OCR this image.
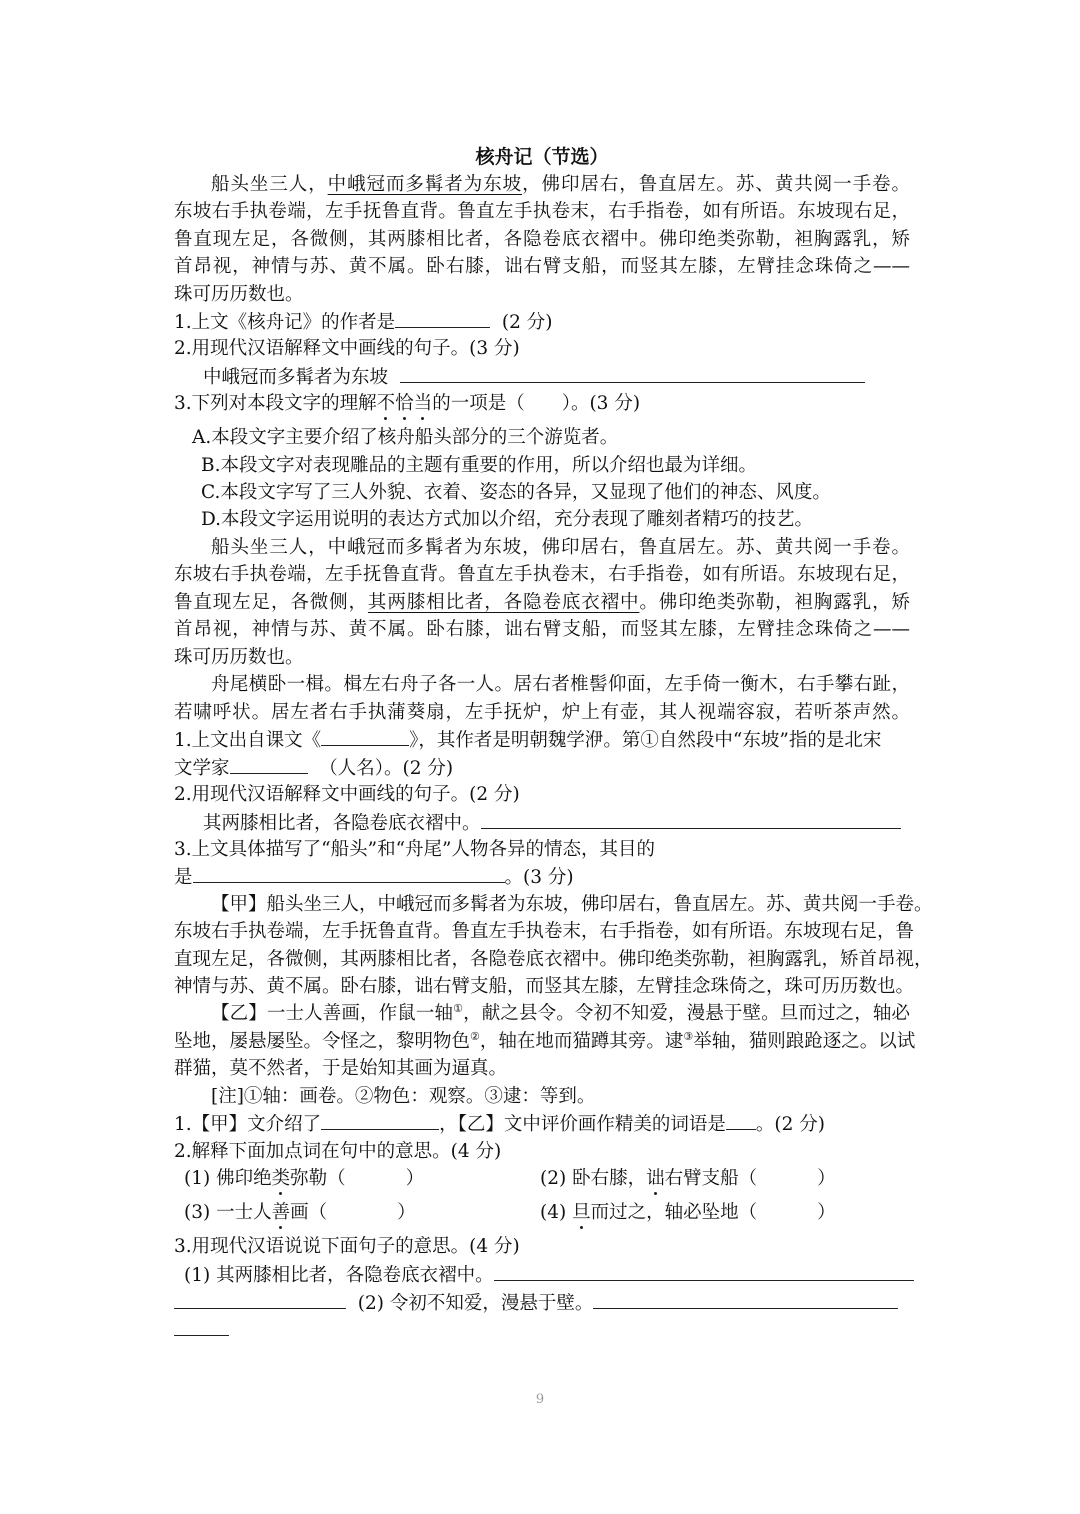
核舟记（节选）
船头坐三人，中峨冠而多髯者为东坡，佛印居右，鲁直居左。苏、黄共阅一手卷。
东坡右手执卷端，左手抚鲁直背。鲁直左手执卷末，右手指卷，如有所语。东坡现右足，
鲁直现左足，各微侧，其两膝相比者，各隐卷底衣褶中。佛印绝类弥勒，袒胸露乳，矫
首昂视，神情与苏、黄不属。卧右膝，诎右臂支船，而竖其左膝，左臂挂念珠倚之——
珠可历历数也。
1.上文《核舟记》的作者是	(2 分)
2.用现代汉语解释文中画线的句子。(3 分)
中峨冠而多髯者为东坡
3.下列对本段文字的理解不恰当的一项是（　　）。(3 分)
A.本段文字主要介绍了核舟船头部分的三个游览者。
B.本段文字对表现雕品的主题有重要的作用，所以介绍也最为详细。
C.本段文字写了三人外貌、衣着、姿态的各异，又显现了他们的神态、风度。
D.本段文字运用说明的表达方式加以介绍，充分表现了雕刻者精巧的技艺。
船头坐三人，中峨冠而多髯者为东坡，佛印居右，鲁直居左。苏、黄共阅一手卷。
东坡右手执卷端，左手抚鲁直背。鲁直左手执卷末，右手指卷，如有所语。东坡现右足，
鲁直现左足，各微侧，其两膝相比者，各隐卷底衣褶中。佛印绝类弥勒，袒胸露乳，矫
首昂视，神情与苏、黄不属。卧右膝，诎右臂支船，而竖其左膝，左臂挂念珠倚之——
珠可历历数也。
舟尾横卧一楫。楫左右舟子各一人。居右者椎髻仰面，左手倚一衡木，右手攀右趾，
若啸呼状。居左者右手执蒲葵扇，左手抚炉，炉上有壶，其人视端容寂，若听茶声然。
1.上文出自课文《	》，其作者是明朝魏学洢。第①自然段中“东坡”指的是北宋
文学家	（人名）。(2 分)
2.用现代汉语解释文中画线的句子。(2 分)
其两膝相比者，各隐卷底衣褶中。
3.上文具体描写了“船头”和“舟尾”人物各异的情态，其目的
是	。(3 分)
【甲】船头坐三人，中峨冠而多髯者为东坡，佛印居右，鲁直居左。苏、黄共阅一手卷。
东坡右手执卷端，左手抚鲁直背。鲁直左手执卷末，右手指卷，如有所语。东坡现右足，鲁
直现左足，各微侧，其两膝相比者，各隐卷底衣褶中。佛印绝类弥勒，袒胸露乳，矫首昂视，
神情与苏、黄不属。卧右膝，诎右臂支船，而竖其左膝，左臂挂念珠倚之，珠可历历数也。
【乙】一士人善画，作鼠一轴①，献之县令。令初不知爱，漫悬于壁。旦而过之，轴必
坠地，屡悬屡坠。令怪之，黎明物色②，轴在地而猫蹲其旁。逮③举轴，猫则踉跄逐之。以试
群猫，莫不然者，于是始知其画为逼真。
[注]①轴：画卷。②物色：观察。③逮：等到。
1.【甲】文介绍了	，【乙】文中评价画作精美的词语是 。(2 分)
2.解释下面加点词在句中的意思。(4 分)
(1) 佛印绝类弥勒（	）	(2) 卧右膝，诎右臂支船（	）
(3) 一士人善画（	）	(4) 旦而过之，轴必坠地（	）
3.用现代汉语说说下面句子的意思。(4 分)
(1) 其两膝相比者，各隐卷底衣褶中。
(2) 令初不知爱，漫悬于壁。
9
